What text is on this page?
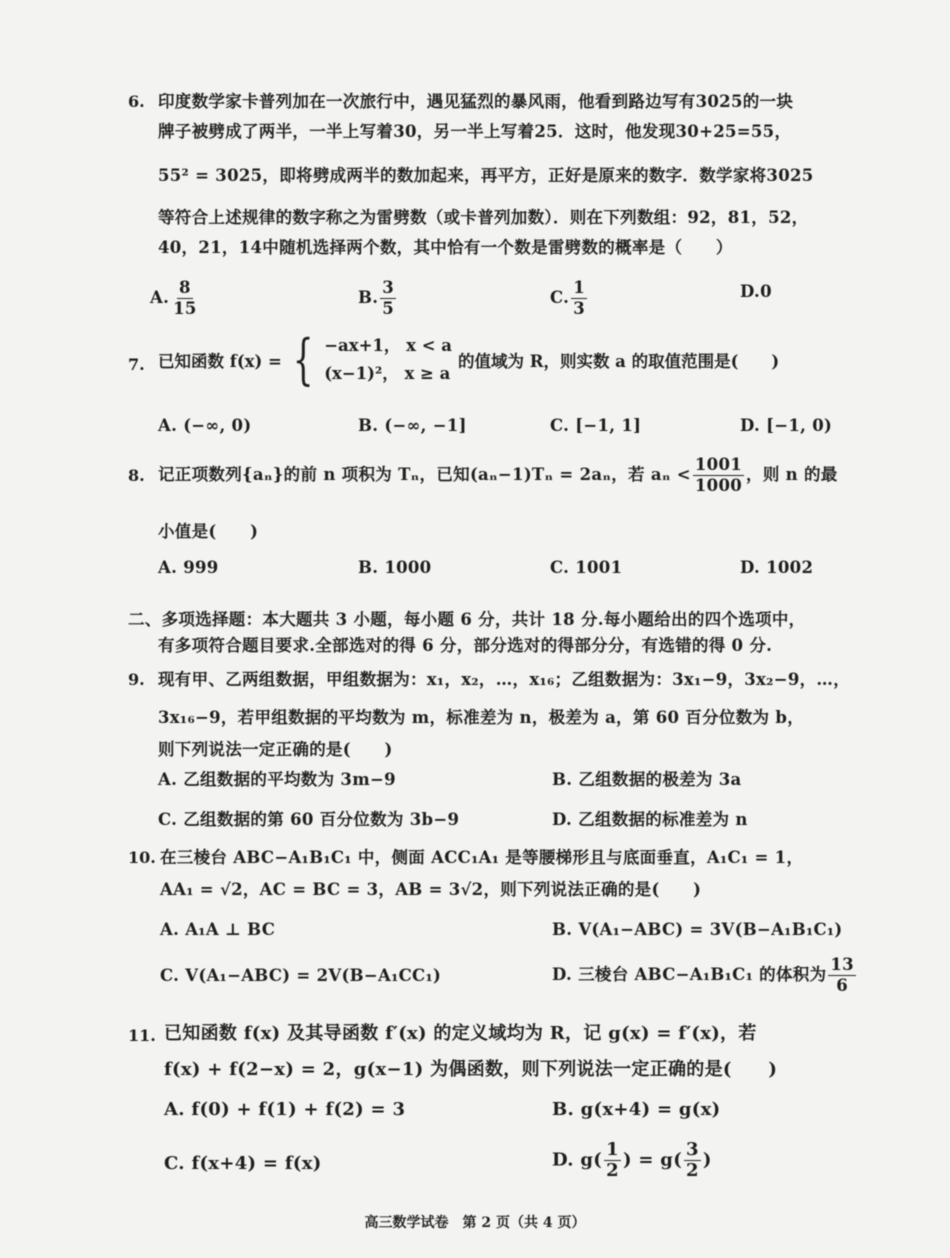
6. 印度数学家卡普列加在一次旅行中，遇见猛烈的暴风雨，他看到路边写有3025的一块
牌子被劈成了两半，一半上写着30，另一半上写着25．这时，他发现30+25=55，
55² = 3025，即将劈成两半的数加起来，再平方，正好是原来的数字．数学家将3025
等符合上述规律的数字称之为雷劈数（或卡普列加数）．则在下列数组：92，81，52，
40，21，14中随机选择两个数，其中恰有一个数是雷劈数的概率是（　　）
A. $\frac{8}{15}$	B. $\frac{3}{5}$	C. $\frac{1}{3}$	D.0
7. 已知函数 f(x) = { −ax+1， x < a
(x−1)²， x ≥ a
的值域为 R，则实数 a 的取值范围是(　　)
A. (−∞, 0)	B. (−∞, −1]	C. [−1, 1]	D. [−1, 0)
8. 记正项数列{aₙ}的前 n 项积为 Tₙ，已知(aₙ−1)Tₙ = 2aₙ，若 $a_n < \frac{1001}{1000}$ ，则 n 的最
小值是(　　)
A. 999	B. 1000	C. 1001	D. 1002
二、多项选择题：本大题共 3 小题，每小题 6 分，共计 18 分.每小题给出的四个选项中，
有多项符合题目要求.全部选对的得 6 分，部分选对的得部分分，有选错的得 0 分.
9. 现有甲、乙两组数据，甲组数据为：x₁，x₂，…，x₁₆；乙组数据为：3x₁−9，3x₂−9，…，
3x₁₆−9，若甲组数据的平均数为 m，标准差为 n，极差为 a，第 60 百分位数为 b，
则下列说法一定正确的是(　　)
A. 乙组数据的平均数为 3m−9	B. 乙组数据的极差为 3a
C. 乙组数据的第 60 百分位数为 3b−9	D. 乙组数据的标准差为 n
10. 在三棱台 ABC−A₁B₁C₁ 中，侧面 ACC₁A₁ 是等腰梯形且与底面垂直，A₁C₁ = 1，
AA₁ = √2，AC = BC = 3，AB = 3√2，则下列说法正确的是(　　)
A. A₁A ⊥ BC	B. V(A₁−ABC) = 3V(B−A₁B₁C₁)
C. V(A₁−ABC) = 2V(B−A₁CC₁)	D. 三棱台 ABC−A₁B₁C₁ 的体积为 $\frac{13}{6}$
11. 已知函数 f(x) 及其导函数 f′(x) 的定义域均为 R，记 g(x) = f′(x)，若
f(x) + f(2−x) = 2，g(x−1) 为偶函数，则下列说法一定正确的是(　　)
A. f(0) + f(1) + f(2) = 3	B. g(x+4) = g(x)
C. f(x+4) = f(x)	D. $g( \frac{1}{2}$ ) = $g( \frac{3}{2}$ )
高三数学试卷　第 2 页（共 4 页）
